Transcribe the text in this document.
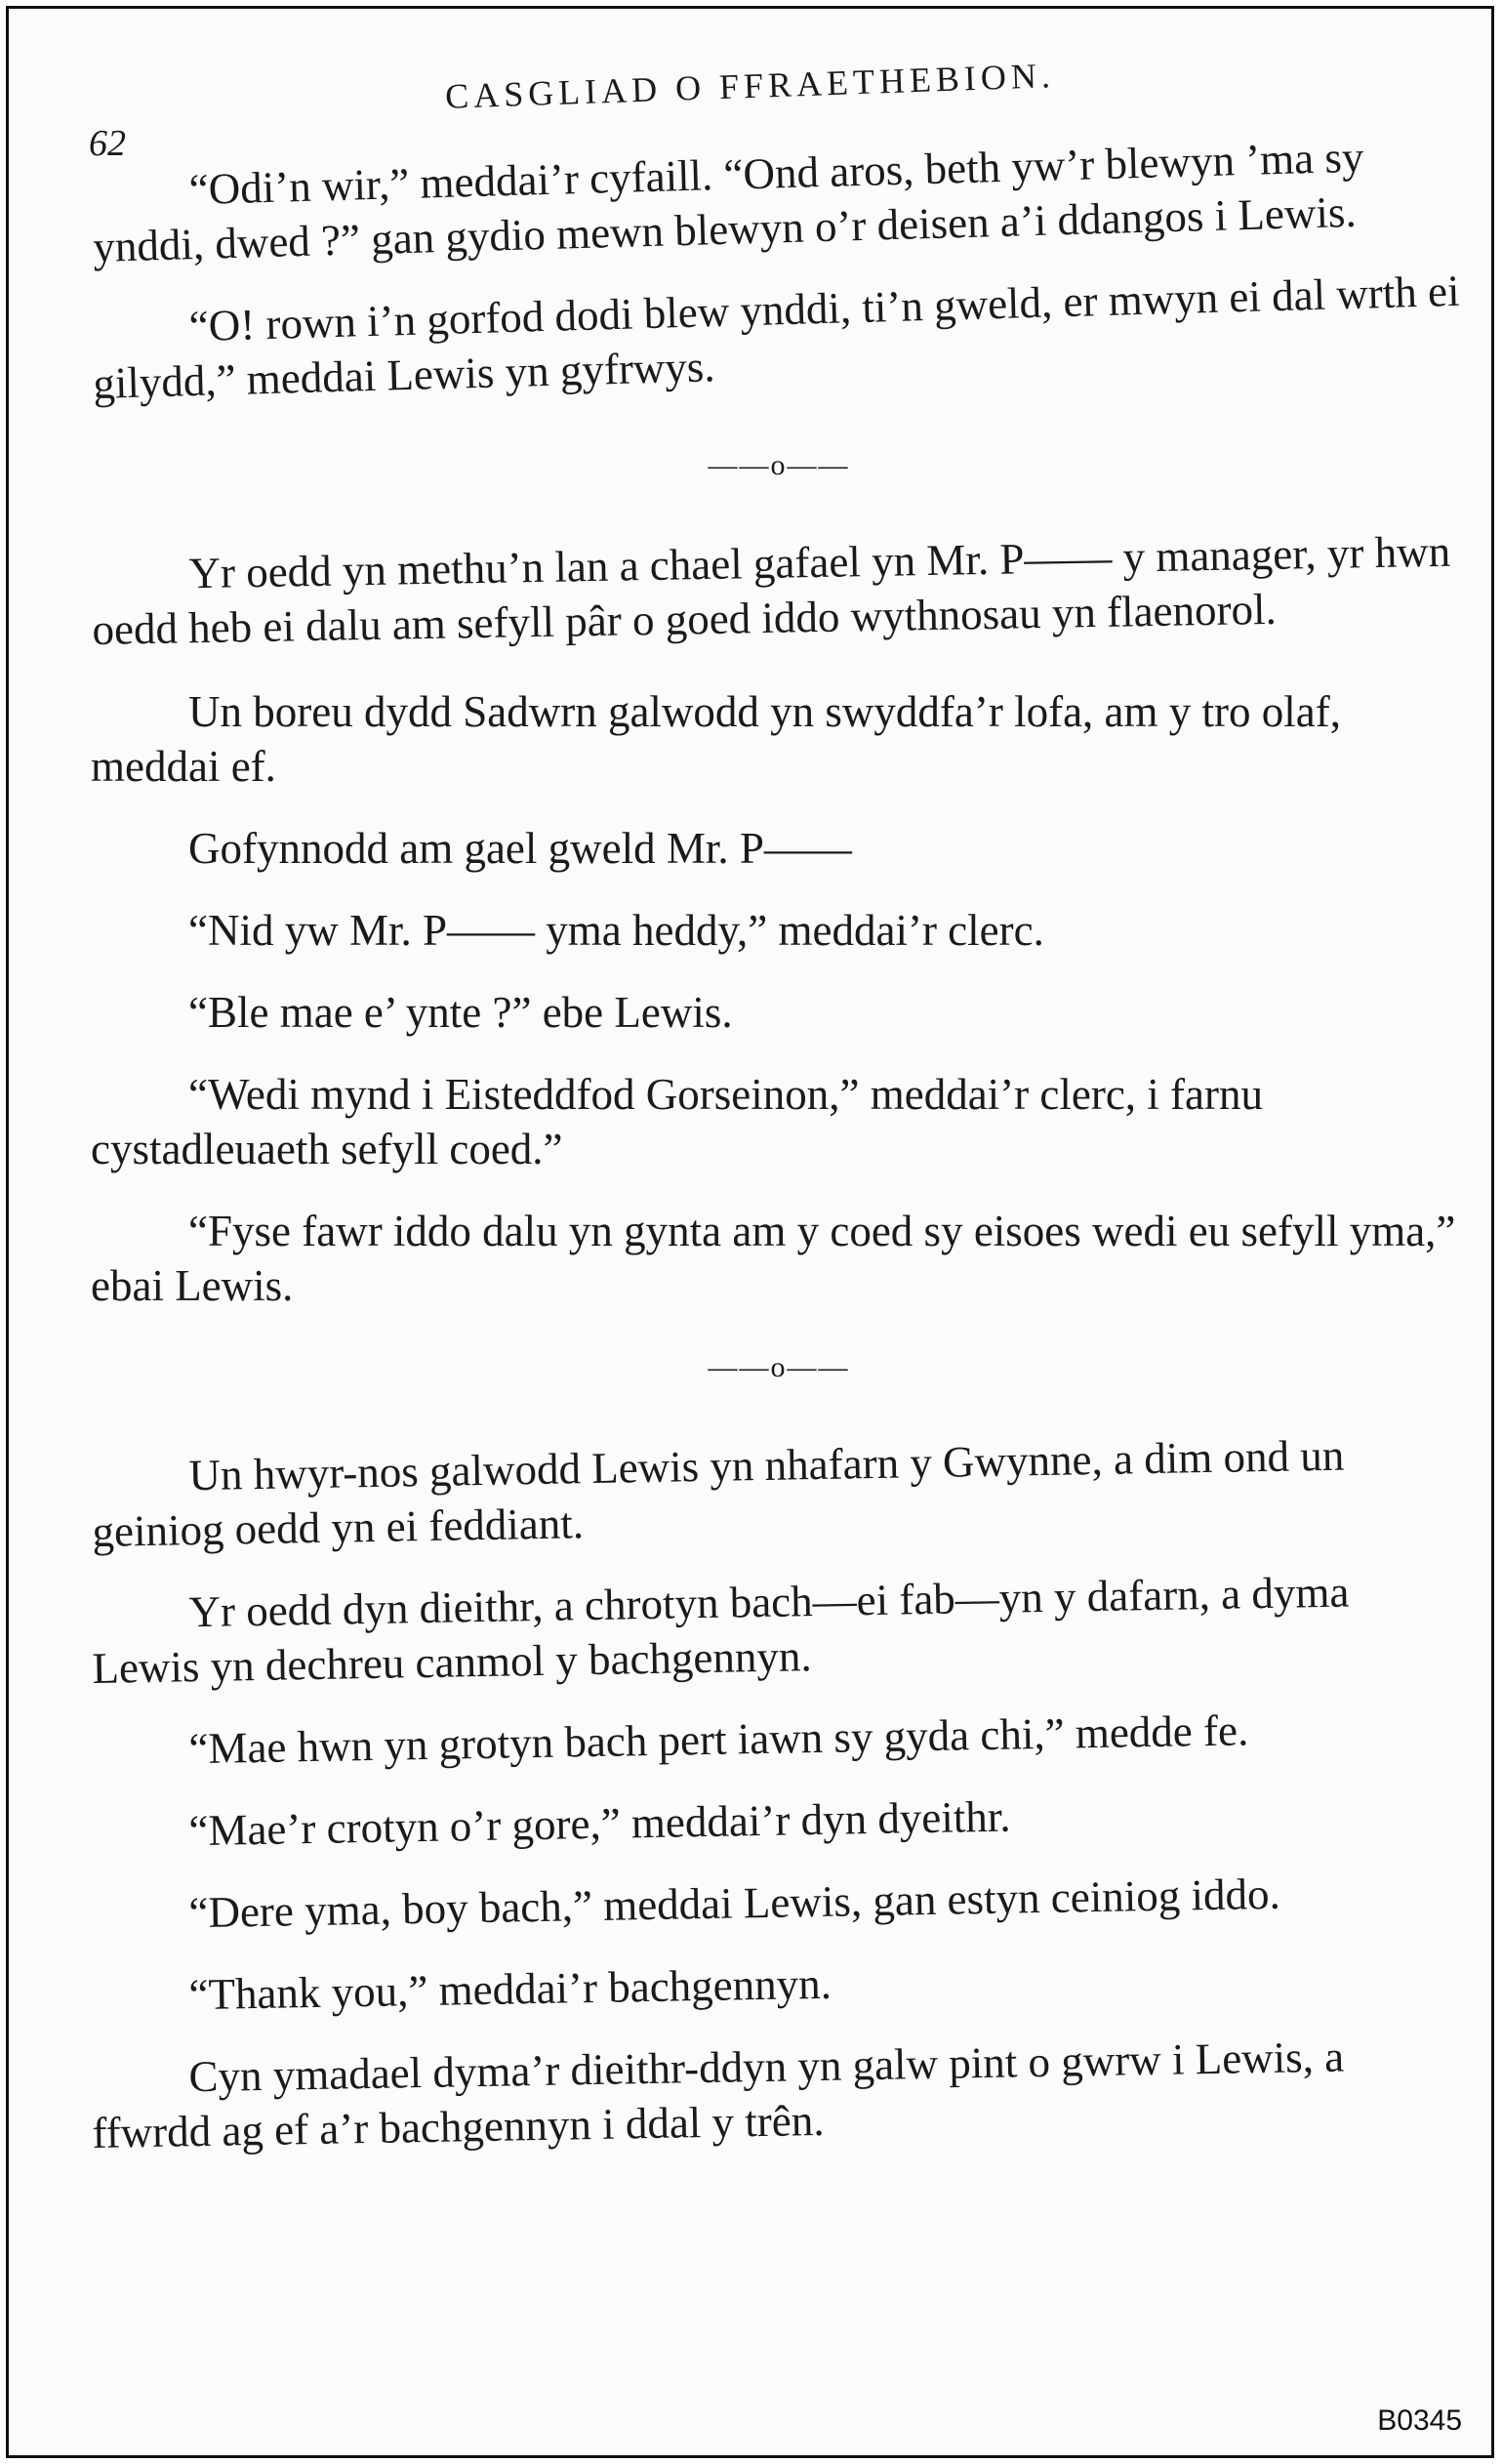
CASGLIAD O FFRAETHEBION.
62	“Odi’n wir,” meddai’r cyfaill. “Ond aros, beth yw’r blewyn ’ma sy ynddi, dwed ?” gan gydio mewn blewyn o’r deisen a’i ddangos i Lewis.

“O! rown i’n gorfod dodi blew ynddi, ti’n gweld, er mwyn ei dal wrth ei gilydd,” meddai Lewis yn gyfrwys.

——o——

Yr oedd yn methu’n lan a chael gafael yn Mr. P—— y manager, yr hwn oedd heb ei dalu am sefyll pâr o goed iddo wythnosau yn flaenorol.

Un boreu dydd Sadwrn galwodd yn swyddfa’r lofa, am y tro olaf, meddai ef.

Gofynnodd am gael gweld Mr. P——

“Nid yw Mr. P—— yma heddy,” meddai’r clerc.

“Ble mae e’ ynte ?” ebe Lewis.

“Wedi mynd i Eisteddfod Gorseinon,” meddai’r clerc, i farnu cystadleuaeth sefyll coed.”

“Fyse fawr iddo dalu yn gynta am y coed sy eisoes wedi eu sefyll yma,” ebai Lewis.

——o——

Un hwyr-nos galwodd Lewis yn nhafarn y Gwynne, a dim ond un geiniog oedd yn ei feddiant.

Yr oedd dyn dieithr, a chrotyn bach—ei fab—yn y dafarn, a dyma Lewis yn dechreu canmol y bachgennyn.

“Mae hwn yn grotyn bach pert iawn sy gyda chi,” medde fe.

“Mae’r crotyn o’r gore,” meddai’r dyn dyeithr.

“Dere yma, boy bach,” meddai Lewis, gan estyn ceiniog iddo.

“Thank you,” meddai’r bachgennyn.

Cyn ymadael dyma’r dieithr-ddyn yn galw pint o gwrw i Lewis, a ffwrdd ag ef a’r bachgennyn i ddal y trên.

B0345
